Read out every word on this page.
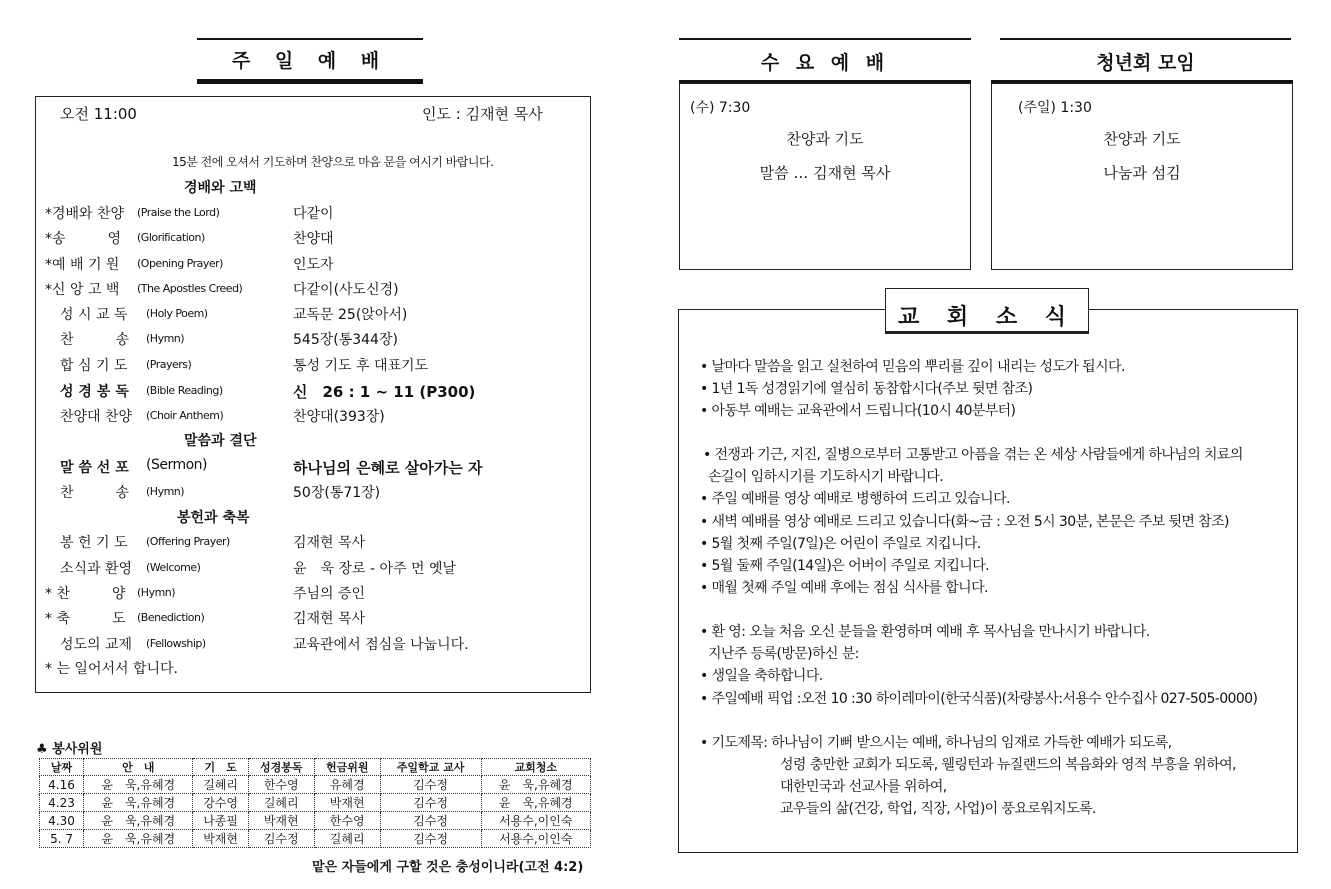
주 일 예 배
오전 11:00	인도 : 김재현 목사
15분 전에 오셔서 기도하며 찬양으로 마음 문을 여시기 바랍니다.
경배와 고백
말씀과 결단
봉헌과 축복
*경배와 찬양 (Praise the Lord)	다같이
*송　　　영 (Glorification)	찬양대
*예 배 기 원 (Opening Prayer)	인도자
*신 앙 고 백 (The Apostles Creed)	다같이(사도신경)
성 시 교 독 (Holy Poem)	교독문 25(앉아서)
찬　　　송 (Hymn)	545장(통344장)
합 심 기 도 (Prayers)	통성 기도 후 대표기도
성 경 봉 독 (Bible Reading)	신　26 : 1 ~ 11 (P300)
찬양대 찬양 (Choir Anthem)	찬양대(393장)
말 씀 선 포 (Sermon)	하나님의 은혜로 살아가는 자
찬　　　송 (Hymn)	50장(통71장)
봉 헌 기 도 (Offering Prayer)	김재현 목사
소식과 환영 (Welcome)	윤　욱 장로 - 아주 먼 옛날
* 찬　　　양 (Hymn)	주님의 증인
* 축　　　도 (Benediction)	김재현 목사
성도의 교제 (Fellowship)	교육관에서 점심을 나눕니다.
* 는 일어서서 합니다.
♣ 봉사위원
날짜	안　내	기　도	성경봉독	헌금위원	주일학교 교사	교회청소
4.16	윤　욱,유혜경	길혜리	한수영	유혜경	김수정	윤　욱,유혜경
4.23	윤　욱,유혜경	강수영	길혜리	박재현	김수정	윤　욱,유혜경
4.30	윤　욱,유혜경	나종필	박재현	한수영	김수정	서용수,이인숙
5. 7	윤　욱,유혜경	박재현	김수정	길혜리	김수정	서용수,이인숙
맡은 자들에게 구할 것은 충성이니라(고전 4:2)
수 요 예 배
(수) 7:30
찬양과 기도
말씀 … 김재현 목사
청년회 모임
(주일) 1:30
찬양과 기도
나눔과 섬김
교 회 소 식
• 날마다 말씀을 읽고 실천하여 믿음의 뿌리를 깊이 내리는 성도가 됩시다.
• 1년 1독 성경읽기에 열심히 동참합시다(주보 뒷면 참조)
• 아동부 예배는 교육관에서 드립니다(10시 40분부터)
• 전쟁과 기근, 지진, 질병으로부터 고통받고 아픔을 겪는 온 세상 사람들에게 하나님의 치료의
손길이 임하시기를 기도하시기 바랍니다.
• 주일 예배를 영상 예배로 병행하여 드리고 있습니다.
• 새벽 예배를 영상 예배로 드리고 있습니다(화~금 : 오전 5시 30분, 본문은 주보 뒷면 참조)
• 5월 첫째 주일(7일)은 어린이 주일로 지킵니다.
• 5월 둘째 주일(14일)은 어버이 주일로 지킵니다.
• 매월 첫째 주일 예배 후에는 점심 식사를 합니다.
• 환 영: 오늘 처음 오신 분들을 환영하며 예배 후 목사님을 만나시기 바랍니다.
지난주 등록(방문)하신 분:
• 생일을 축하합니다.
• 주일예배 픽업 :오전 10 :30 하이레마이(한국식품)(차량봉사:서용수 안수집사 027-505-0000)
• 기도제목: 하나님이 기뻐 받으시는 예배, 하나님의 임재로 가득한 예배가 되도록,
성령 충만한 교회가 되도록, 웰링턴과 뉴질랜드의 복음화와 영적 부흥을 위하여,
대한민국과 선교사를 위하여,
교우들의 삶(건강, 학업, 직장, 사업)이 풍요로워지도록.
